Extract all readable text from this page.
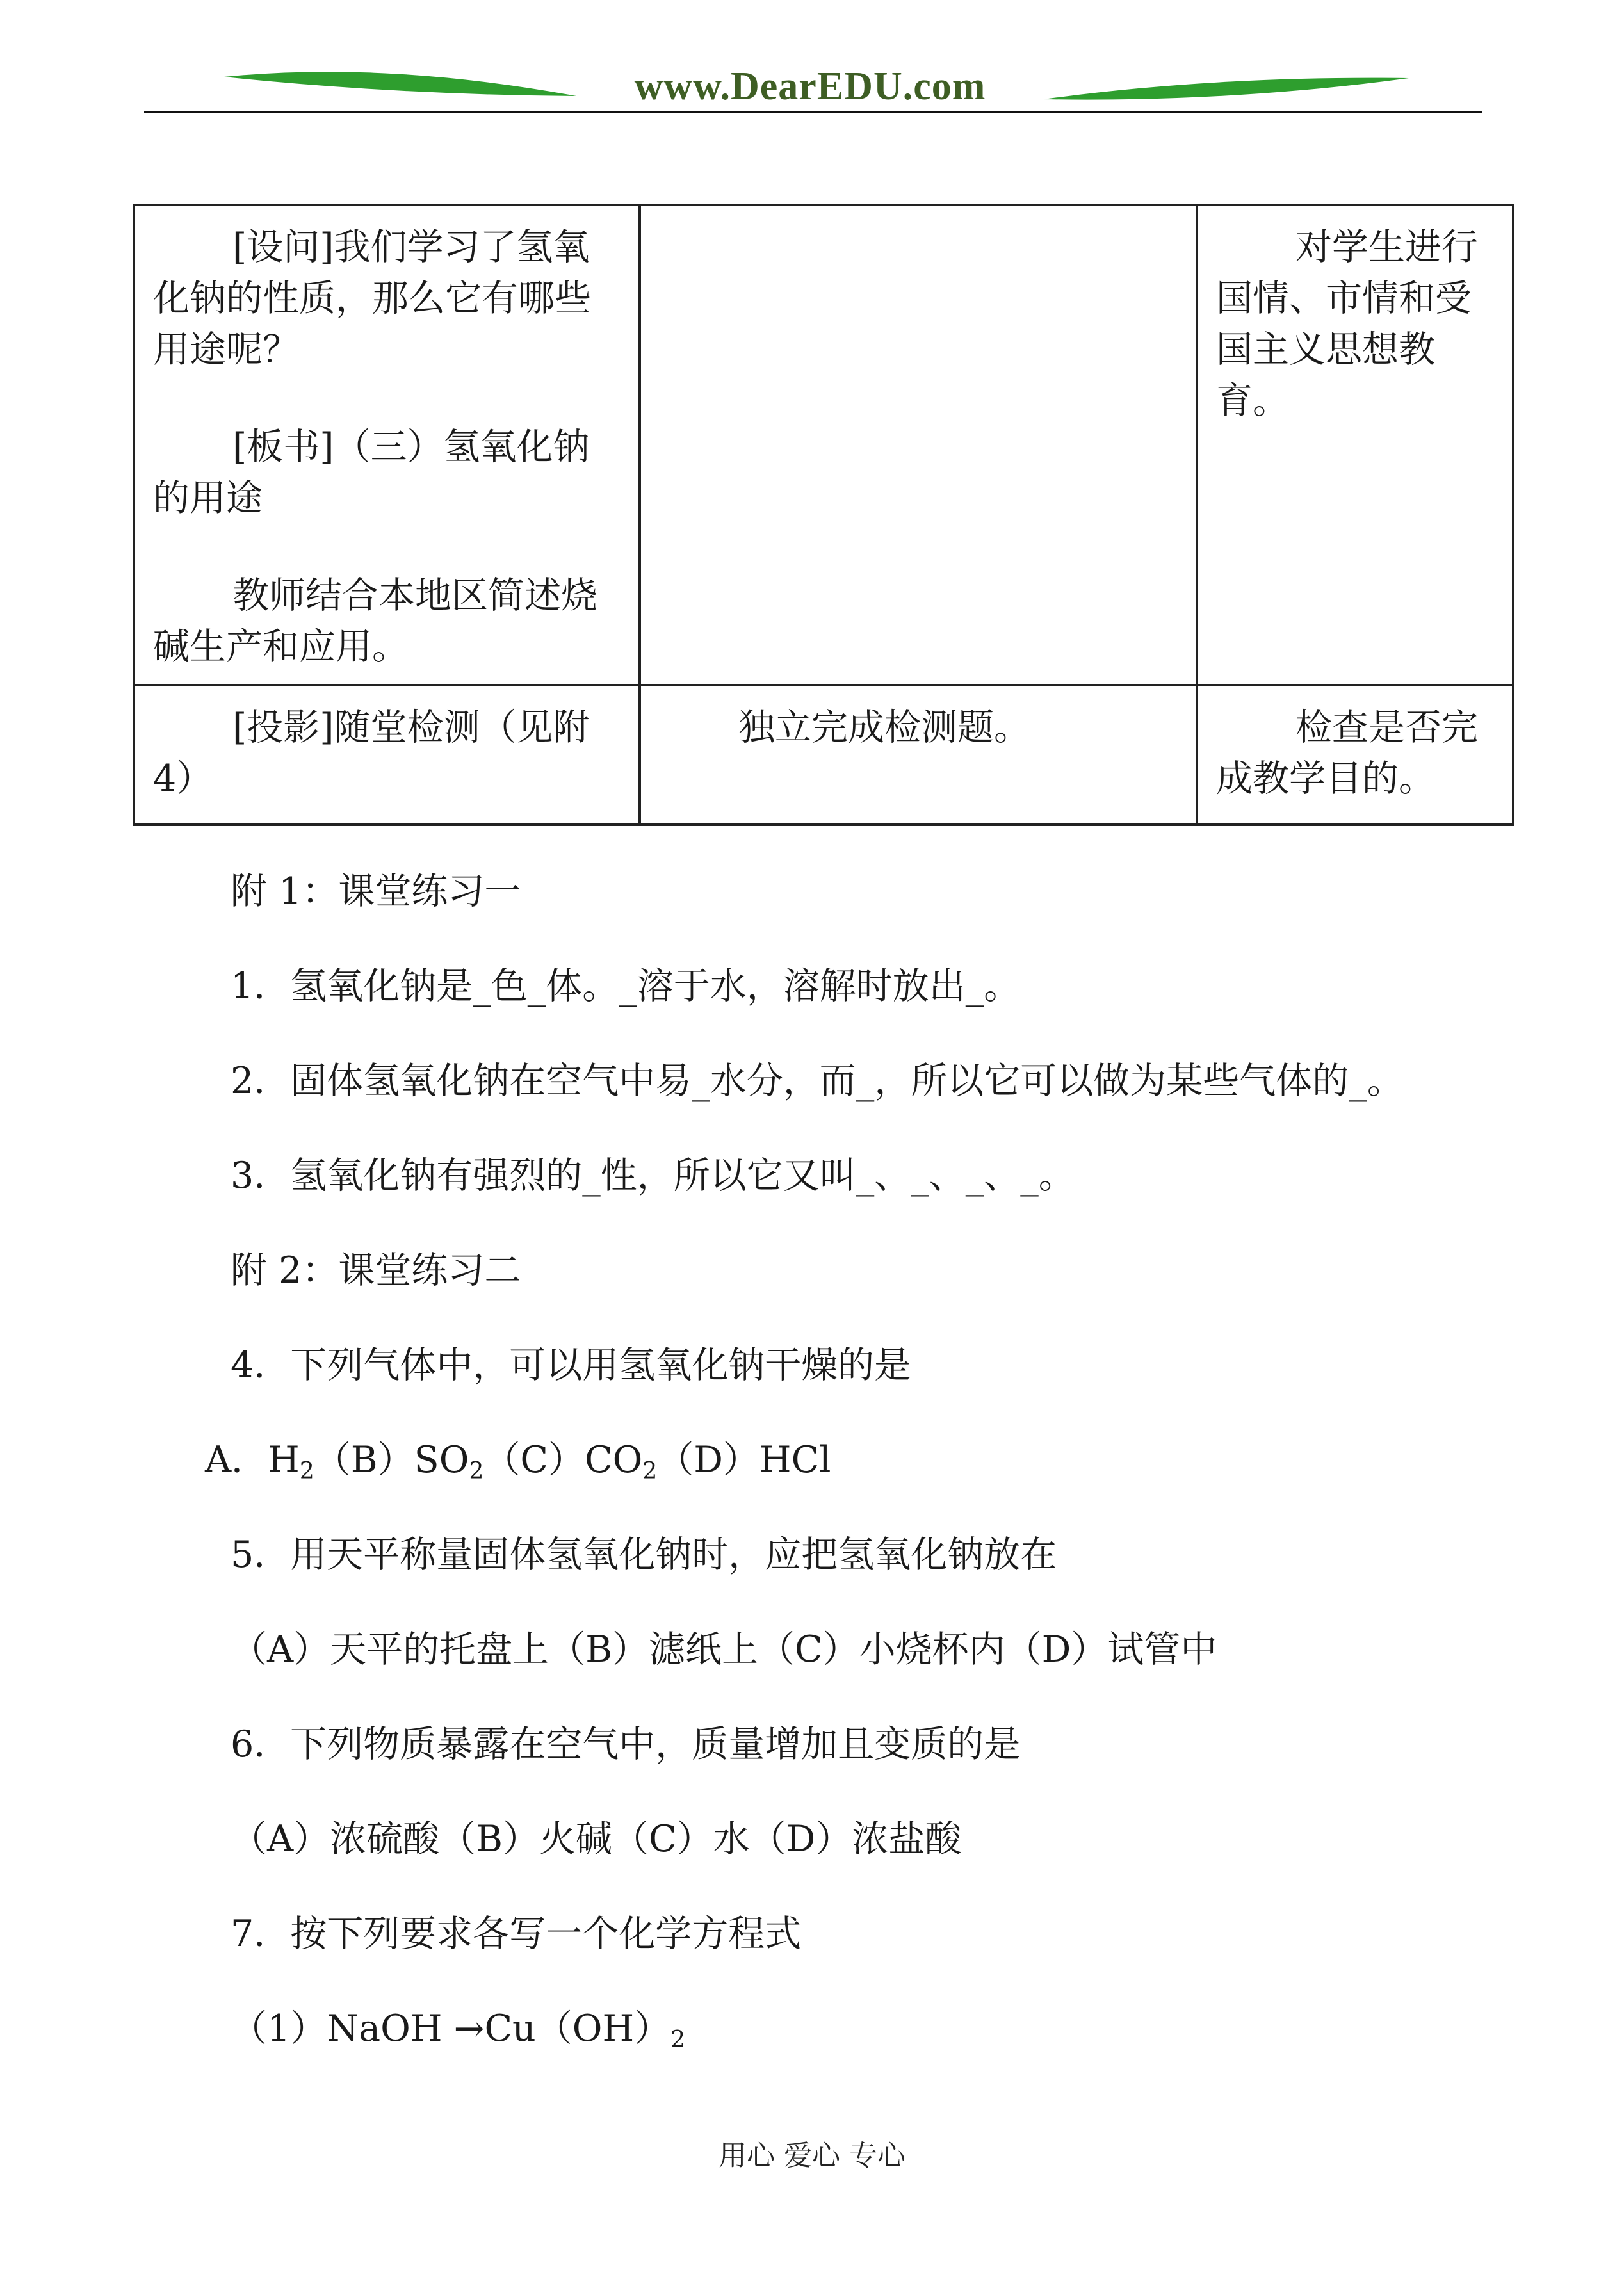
www.DearEDU.com

[设问]我们学习了氢氧化钠的性质，那么它有哪些用途呢？

[板书]（三）氢氧化钠的用途

教师结合本地区简述烧碱生产和应用。		对学生进行国情、市情和受国主义思想教育。

[投影]随堂检测（见附4）	独立完成检测题。	检查是否完成教学目的。

附 1：课堂练习一
1．氢氧化钠是_色_体。_溶于水，溶解时放出_。
2．固体氢氧化钠在空气中易_水分，而_，所以它可以做为某些气体的_。
3．氢氧化钠有强烈的_性，所以它又叫_、_、_、_。
附 2：课堂练习二
4．下列气体中，可以用氢氧化钠干燥的是
A．$H_2(B)SO_2(C)CO_2(D)HCl$
5．用天平称量固体氢氧化钠时，应把氢氧化钠放在
（A）天平的托盘上（B）滤纸上（C）小烧杯内（D）试管中
6．下列物质暴露在空气中，质量增加且变质的是
（A）浓硫酸（B）火碱（C）水（D）浓盐酸
7．按下列要求各写一个化学方程式
（1）NaOH $\to Cu(OH)_2$
用心 爱心 专心
